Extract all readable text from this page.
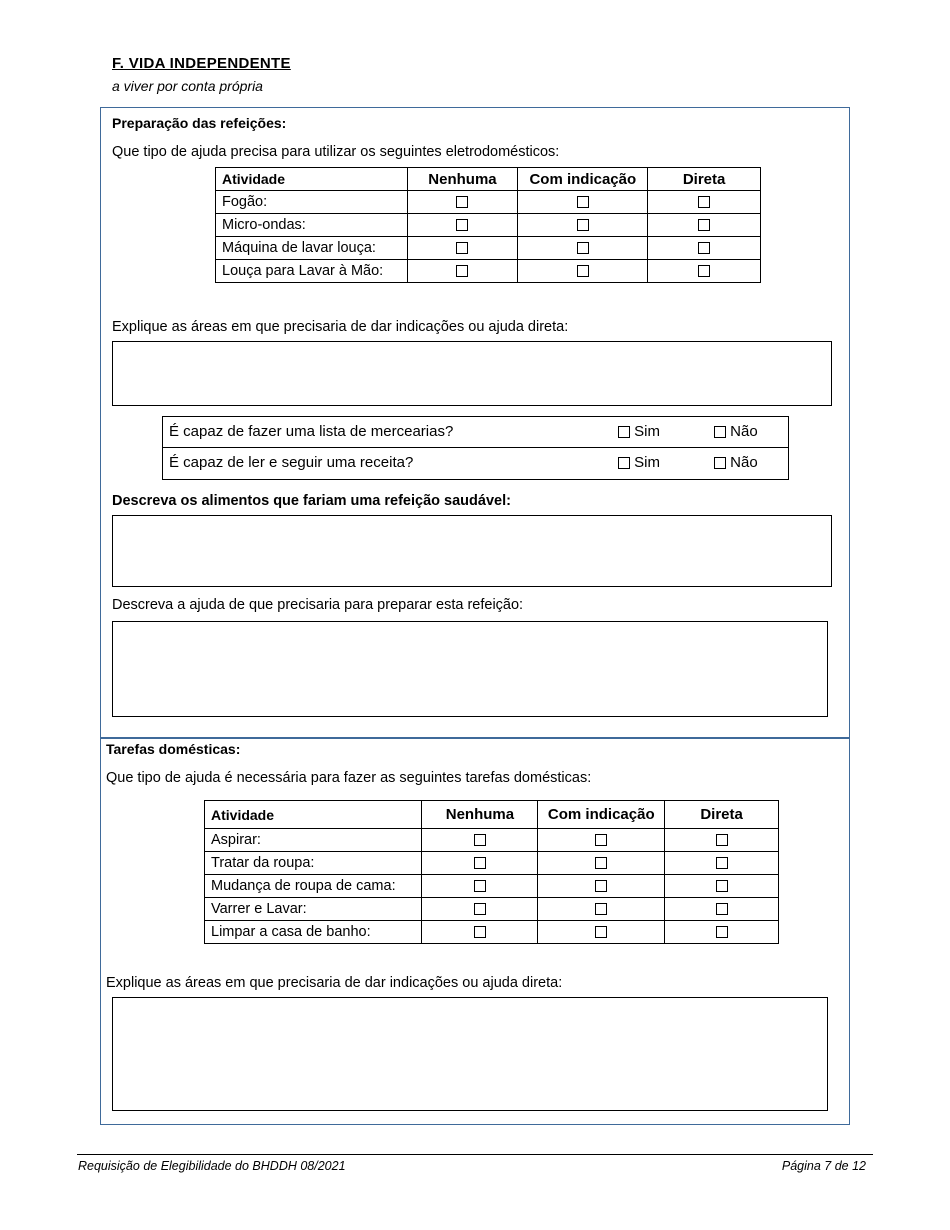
F. VIDA INDEPENDENTE
a viver por conta própria
Preparação das refeições:
Que tipo de ajuda precisa para utilizar os seguintes eletrodomésticos:
Atividade	Nenhuma	Com indicação	Direta
Fogão:			
Micro-ondas:			
Máquina de lavar louça:			
Louça para Lavar à Mão:			
Explique as áreas em que precisaria de dar indicações ou ajuda direta:
É capaz de fazer uma lista de mercearias?	Sim	Não
É capaz de ler e seguir uma receita?	Sim	Não
Descreva os alimentos que fariam uma refeição saudável:
Descreva a ajuda de que precisaria para preparar esta refeição:
Tarefas domésticas:
Que tipo de ajuda é necessária para fazer as seguintes tarefas domésticas:
Atividade	Nenhuma	Com indicação	Direta
Aspirar:			
Tratar da roupa:			
Mudança de roupa de cama:			
Varrer e Lavar:			
Limpar a casa de banho:			
Explique as áreas em que precisaria de dar indicações ou ajuda direta:
Requisição de Elegibilidade do BHDDH 08/2021	Página 7 de 12
